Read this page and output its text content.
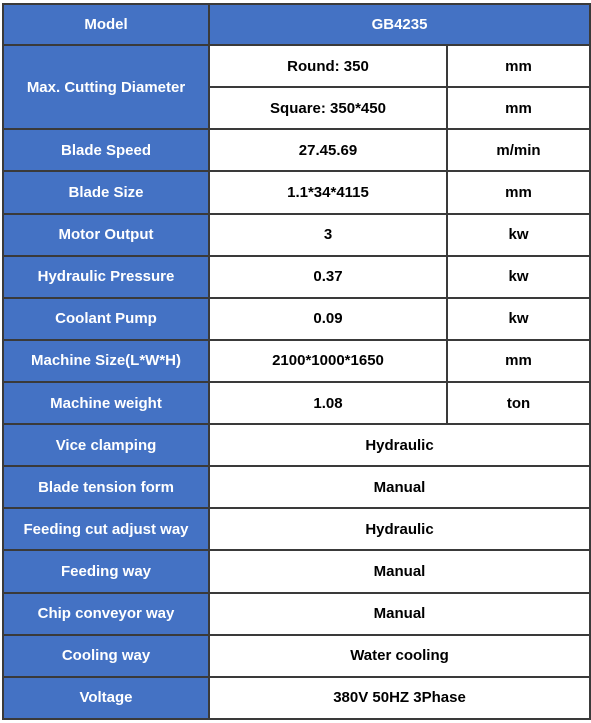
Model	GB4235	
Max. Cutting Diameter	Round: 350	mm
	Square: 350*450	mm
Blade Speed	27.45.69	m/min
Blade Size	1.1*34*4115	mm
Motor Output	3	kw
Hydraulic Pressure	0.37	kw
Coolant Pump	0.09	kw
Machine Size(L*W*H)	2100*1000*1650	mm
Machine weight	1.08	ton
Vice clamping	Hydraulic	
Blade tension form	Manual	
Feeding cut adjust way	Hydraulic	
Feeding way	Manual	
Chip conveyor way	Manual	
Cooling way	Water cooling	
Voltage	380V 50HZ 3Phase	
